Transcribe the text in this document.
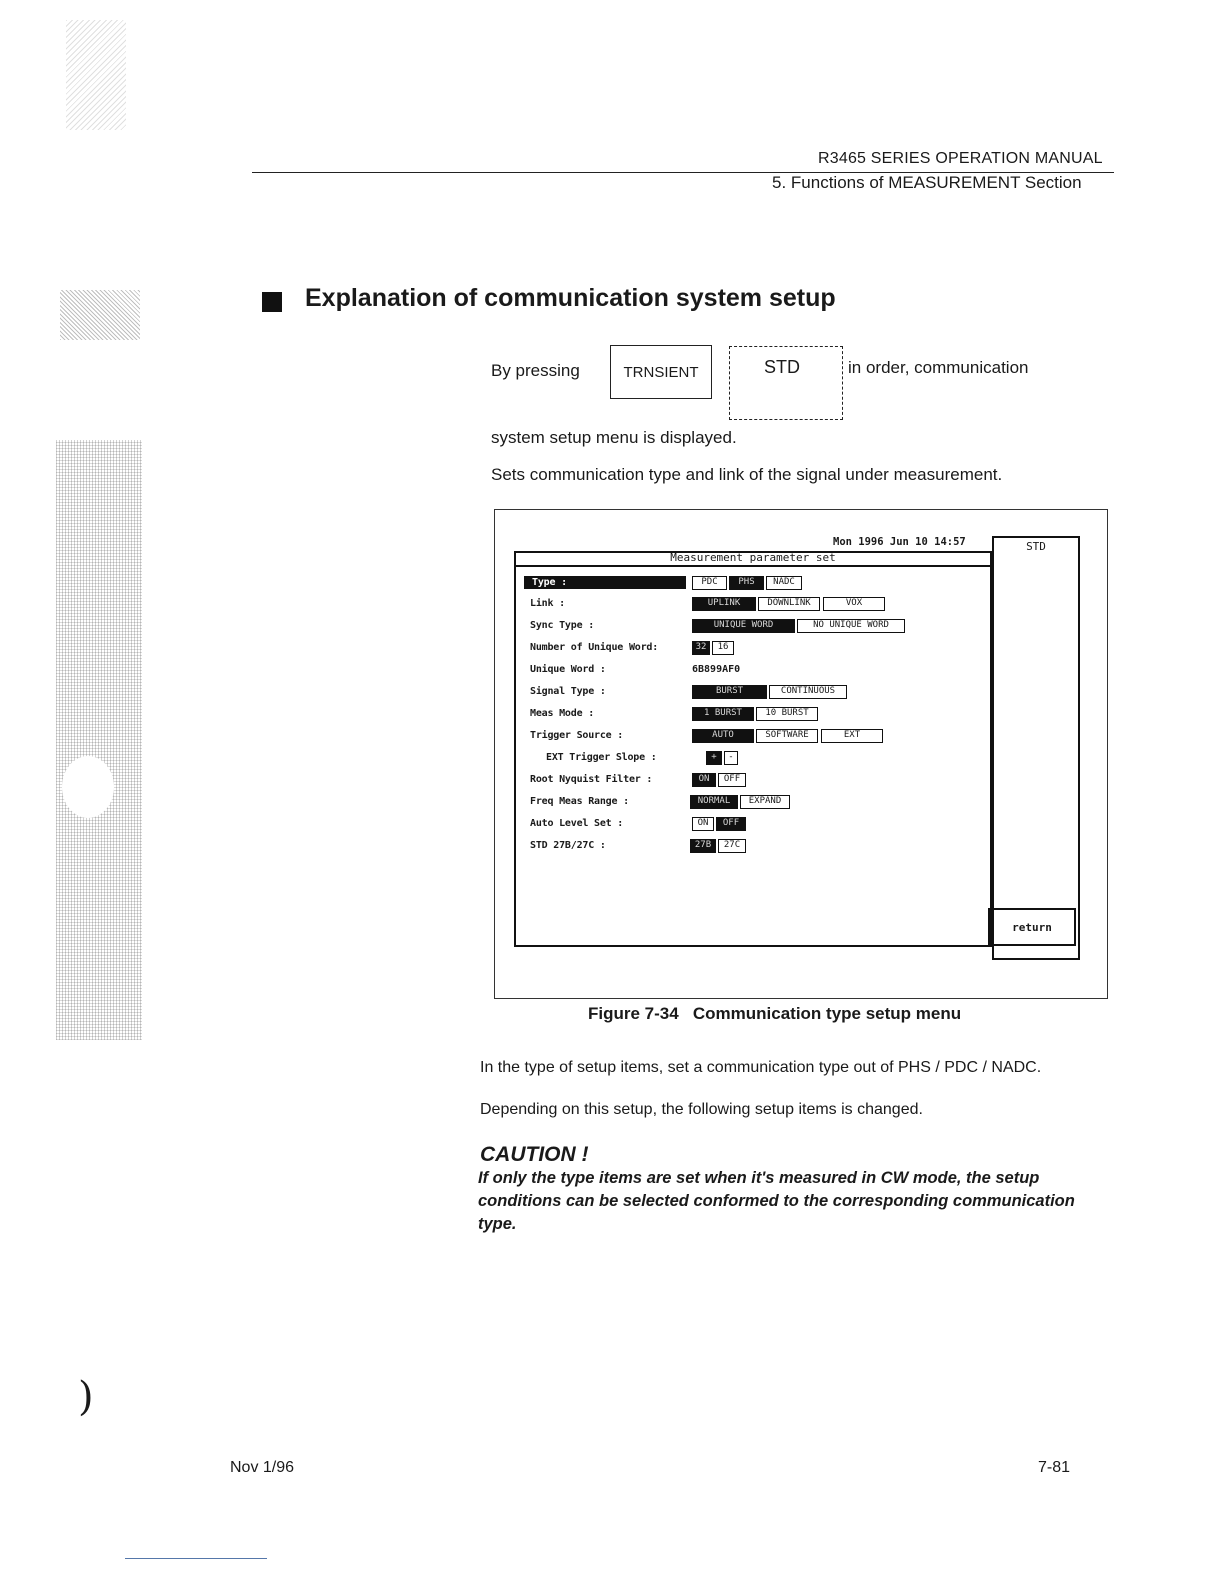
R3465 SERIES OPERATION MANUAL
5. Functions of MEASUREMENT Section
Explanation of communication system setup
By pressing	TRNSIENT	STD	in order, communication
system setup menu is displayed.
Sets communication type and link of the signal under measurement.
Mon 1996 Jun 10 14:57
Measurement parameter set
STD
return
Type :	PDC	PHS	NADC
Link :	UPLINK	DOWNLINK	VOX
Sync Type :	UNIQUE WORD	NO UNIQUE WORD
Number of Unique Word:	32	16
Unique Word :	6B899AF0
Signal Type :	BURST	CONTINUOUS
Meas Mode :	1 BURST	10 BURST
Trigger Source :	AUTO	SOFTWARE	EXT
EXT Trigger Slope :	+	-
Root Nyquist Filter :	ON	OFF
Freq Meas Range :	NORMAL	EXPAND
Auto Level Set :	ON	OFF
STD 27B/27C :	27B	27C
Figure 7-34   Communication type setup menu
In the type of setup items, set a communication type out of PHS / PDC / NADC.
Depending on this setup, the following setup items is changed.
CAUTION !
If only the type items are set when it's measured in CW mode, the setup conditions can be selected conformed to the corresponding communication type.
Nov 1/96	7-81
)
